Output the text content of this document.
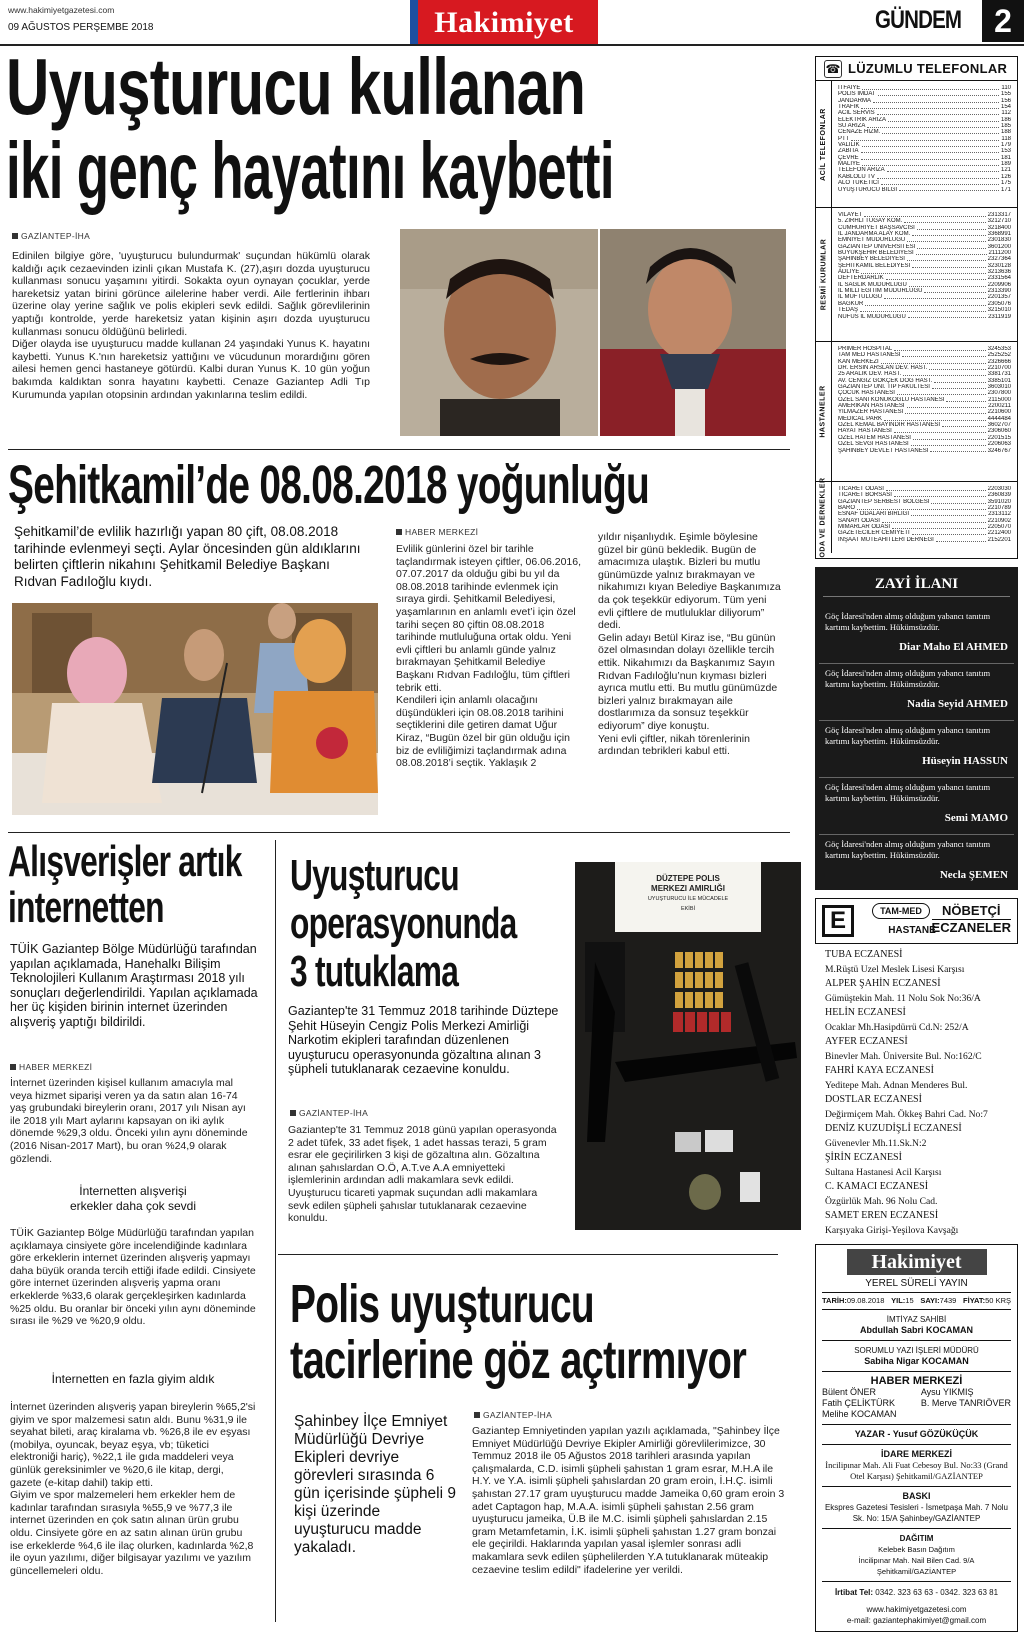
www.hakimiyetgazetesi.com
09 AĞUSTOS PERŞEMBE 2018	Hakimiyet	GÜNDEM 2
Uyuşturucu kullanan
iki genç hayatını kaybetti
GAZİANTEP-İHA
Edinilen bilgiye göre, 'uyuşturucu bulundurmak' suçundan hükümlü olarak kaldığı açık cezaevinden izinli çıkan Mustafa K. (27),aşırı dozda uyuşturucu kullanması sonucu yaşamını yitirdi. Sokakta oyun oynayan çocuklar, yerde hareketsiz yatan birini görünce ailelerine haber verdi. Aile fertlerinin ihbarı üzerine olay yerine sağlık ve polis ekipleri sevk edildi. Sağlık görevlilerinin yaptığı kontrolde, yerde hareketsiz yatan kişinin aşırı dozda uyuşturucu kullanması sonucu öldüğünü belirledi.
Diğer olayda ise uyuşturucu madde kullanan 24 yaşındaki Yunus K. hayatını kaybetti. Yunus K.'nın hareketsiz yattığını ve vücudunun morardığını gören ailesi hemen genci hastaneye götürdü. Kalbi duran Yunus K. 10 gün yoğun bakımda kaldıktan sonra hayatını kaybetti. Cenaze Gaziantep Adli Tıp Kurumunda yapılan otopsinin ardından yakınlarına teslim edildi.
Şehitkamil’de 08.08.2018 yoğunluğu
Şehitkamil’de evlilik hazırlığı yapan 80 çift, 08.08.2018 tarihinde evlenmeyi seçti. Aylar öncesinden gün aldıklarını belirten çiftlerin nikahını Şehitkamil Belediye Başkanı Rıdvan Fadıloğlu kıydı.
HABER MERKEZİ
Evlilik günlerini özel bir tarihle taçlandırmak isteyen çiftler, 06.06.2016, 07.07.2017 da olduğu gibi bu yıl da 08.08.2018 tarihinde evlenmek için sıraya girdi. Şehitkamil Belediyesi, yaşamlarının en anlamlı evet’i için özel tarihi seçen 80 çiftin 08.08.2018 tarihinde mutluluğuna ortak oldu. Yeni evli çiftleri bu anlamlı günde yalnız bırakmayan Şehitkamil Belediye Başkanı Rıdvan Fadıloğlu, tüm çiftleri tebrik etti.
Kendileri için anlamlı olacağını düşündükleri için 08.08.2018 tarihini seçtiklerini dile getiren damat Uğur Kiraz, “Bugün özel bir gün olduğu için biz de evliliğimizi taçlandırmak adına 08.08.2018’i seçtik. Yaklaşık 2
yıldır nişanlıydık. Eşimle böylesine güzel bir günü bekledik. Bugün de amacımıza ulaştık. Bizleri bu mutlu günümüzde yalnız bırakmayan ve nikahımızı kıyan Belediye Başkanımıza da çok teşekkür ediyorum. Tüm yeni evli çiftlere de mutluluklar diliyorum” dedi.
Gelin adayı Betül Kiraz ise, “Bu günün özel olmasından dolayı özellikle tercih ettik. Nikahımızı da Başkanımız Sayın Rıdvan Fadıloğlu’nun kıyması bizleri ayrıca mutlu etti. Bu mutlu günümüzde bizleri yalnız bırakmayan aile dostlarımıza da sonsuz teşekkür ediyorum” diye konuştu.
Yeni evli çiftler, nikah törenlerinin ardından tebrikleri kabul etti.
Alışverişler artık
internetten
TÜİK Gaziantep Bölge Müdürlüğü tarafından yapılan açıklamada, Hanehalkı Bilişim Teknolojileri Kullanım Araştırması 2018 yılı sonuçları değerlendirildi. Yapılan açıklamada her üç kişiden birinin internet üzerinden alışveriş yaptığı bildirildi.
HABER MERKEZİ
İnternet üzerinden kişisel kullanım amacıyla mal veya hizmet siparişi veren ya da satın alan 16-74 yaş grubundaki bireylerin oranı, 2017 yılı Nisan ayı ile 2018 yılı Mart aylarını kapsayan on iki aylık dönemde %29,3 oldu. Önceki yılın aynı döneminde (2016 Nisan-2017 Mart), bu oran %24,9 olarak gözlendi.
İnternetten alışverişi
erkekler daha çok sevdi
TÜİK Gaziantep Bölge Müdürlüğü tarafından yapılan açıklamaya cinsiyete göre incelendiğinde kadınlara göre erkeklerin internet üzerinden alışveriş yapmayı daha büyük oranda tercih ettiği ifade edildi. Cinsiyete göre internet üzerinden alışveriş yapma oranı erkeklerde %33,6 olarak gerçekleşirken kadınlarda %25 oldu. Bu oranlar bir önceki yılın aynı döneminde sırası ile %29 ve %20,9 oldu.
İnternetten en fazla giyim aldık
İnternet üzerinden alışveriş yapan bireylerin %65,2'si giyim ve spor malzemesi satın aldı. Bunu %31,9 ile seyahat bileti, araç kiralama vb. %26,8 ile ev eşyası (mobilya, oyuncak, beyaz eşya, vb; tüketici elektroniği hariç), %22,1 ile gıda maddeleri veya günlük gereksinimler ve %20,6 ile kitap, dergi, gazete (e-kitap dahil) takip etti.
Giyim ve spor malzemeleri hem erkekler hem de kadınlar tarafından sırasıyla %55,9 ve %77,3 ile internet üzerinden en çok satın alınan ürün grubu oldu. Cinsiyete göre en az satın alınan ürün grubu ise erkeklerde %4,6 ile ilaç olurken, kadınlarda %2,8 ile oyun yazılımı, diğer bilgisayar yazılımı ve yazılım güncellemeleri oldu.
Uyuşturucu
operasyonunda
3 tutuklama
Gaziantep'te 31 Temmuz 2018 tarihinde Düztepe Şehit Hüseyin Cengiz Polis Merkezi Amirliği Narkotim ekipleri tarafından düzenlenen uyuşturucu operasyonunda gözaltına alınan 3 şüpheli tutuklanarak cezaevine konuldu.
GAZİANTEP-İHA
Gaziantep'te 31 Temmuz 2018 günü yapılan operasyonda 2 adet tüfek, 33 adet fişek, 1 adet hassas terazi, 5 gram esrar ele geçirilirken 3 kişi de gözaltına alın. Gözaltına alınan şahıslardan O.Ö, A.T.ve A.A emniyetteki işlemlerinin ardından adli makamlara sevk edildi. Uyuşturucu ticareti yapmak suçundan adli makamlara sevk edilen şüpheli şahıslar tutuklanarak cezaevine konuldu.
DÜZTEPE POLIS
MERKEZI AMIRLIĞI
UYUŞTURUCU İLE MÜCADELE
EKİBİ
Polis uyuşturucu
tacirlerine göz açtırmıyor
Şahinbey İlçe Emniyet Müdürlüğü Devriye Ekipleri devriye görevleri sırasında 6 gün içerisinde şüpheli 9 kişi üzerinde uyuşturucu madde yakaladı.
GAZİANTEP-İHA
Gaziantep Emniyetinden yapılan yazılı açıklamada, "Şahinbey İlçe Emniyet Müdürlüğü Devriye Ekipler Amirliği görevlilerimizce, 30 Temmuz 2018 ile 05 Ağustos 2018 tarihleri arasında yapılan çalışmalarda, C.D. isimli şüpheli şahıstan 1 gram esrar, M.H.A ile H.Y. ve Y.A. isimli şüpheli şahıslardan 20 gram eroin, İ.H.Ç. isimli şahıstan 27.17 gram uyuşturucu madde Jameika 0,60 gram eroin 3 adet Captagon hap, M.A.A. isimli şüpheli şahıstan 2.56 gram uyuşturucu jameika, Ü.B ile M.C. isimli şüpheli şahıslardan 2.15 gram Metamfetamin, İ.K. isimli şüpheli şahıstan 1.27 gram bonzai ele geçirildi. Haklarında yapılan yasal işlemler sonrası adli makamlara sevk edilen şüphelilerden Y.A tutuklanarak müteakip cezaevine teslim edildi" ifadelerine yer verildi.
☎ LÜZUMLU TELEFONLAR
ACİL TELEFONLAR
İTFAİYE	110
POLİS İMDAT	155
JANDARMA	156
TRAFİK	154
ACİL SERVİS	112
ELEKTRİK ARIZA	186
SU ARIZA	185
CENAZE HİZM.	188
PTT	118
VALİLİK	179
ZABITA	153
ÇEVRE	181
MALİYE	189
TELEFON ARIZA	121
KABLOLU TV	126
ALO TÜKETİCİ	175
UYUŞTURUCU BİLGİ	171
RESMİ KURUMLAR
VİLAYET	2313317
5. ZIRHLI TUGAY KOM.	3212710
CUMHURİYET BAŞSAVCISI	3218400
İL JANDARMA ALAY KOM.	3368991
EMNİYET MÜDÜRLÜĞÜ	2301830
GAZİANTEP ÜNİVERSİTESİ	3601200
BÜYÜKŞEHİR BELEDİYESİ	2111200
ŞAHİNBEY BELEDİYESİ	2327364
ŞEHİTKAMİL BELEDİYESİ	3230128
ADLİYE	3213636
DEFTERDARLIK	2331564
İL SAĞLIK MÜDÜRLÜĞÜ	2209906
İL MİLLİ EĞİTİM MÜDÜRLÜĞÜ	2313390
İL MÜFTÜLÜĞÜ	2201357
BAĞKUR	2305076
TEDAŞ	3215010
NÜFUS İL MÜDÜRLÜĞÜ	2311919
HASTANELER
PRİMER HOSPITAL	3245353
TAM MED HASTANESİ	2525252
KAN MERKEZİ	2326666
DR. ERSİN ARSLAN DEV. HAST.	2210700
25 ARALIK DEV. HAST.	3381731
AV. CENGİZ GÖKÇEK DOĞ HAST.	3385101
GAZİANTEP ÜNİ. TIP FAKÜLTESİ	3603010
ÇOCUK HASTANESİ	2307800
ÖZEL SANİ KONUKOĞLU HASTANESİ	2115000
AMERİKAN HASTANESİ	2200211
YILMAZER HASTANESİ	2210600
MEDİCAL PARK	4444484
ÖZEL KEMAL BAYINDIR HASTANESİ	3602707
HAYAT HASTANESİ	2306060
ÖZEL HATEM HASTANESİ	2201515
ÖZEL SEVGİ HASTANESİ	2206063
ŞAHİNBEY DEVLET HASTANESİ	3246767
ODA VE DERNEKLER TİCARET ODASI	2203030
TİCARET BORSASI	2360839
GAZİANTEP SERBEST BÖLGESİ	3591020
BARO	2210789
ESNAF ODALARI BİRLİĞİ	2313112
SANAYİ ODASI	2210902
MİMARLAR ODASI	2205070
GAZETECİLER CEMİYETİ	2212400
İNŞAAT MÜTEAHİTLERİ DERNEĞİ	2152201
ZAYİ İLANI
Göç İdaresi'nden almış olduğum yabancı tanıtım kartımı kaybettim. Hükümsüzdür.
Diar Maho El AHMED
Göç İdaresi'nden almış olduğum yabancı tanıtım kartımı kaybettim. Hükümsüzdür.
Nadia Seyid AHMED
Göç İdaresi'nden almış olduğum yabancı tanıtım kartımı kaybettim. Hükümsüzdür.
Hüseyin HASSUN
Göç İdaresi'nden almış olduğum yabancı tanıtım kartımı kaybettim. Hükümsüzdür.
Semi MAMO
Göç İdaresi'nden almış olduğum yabancı tanıtım kartımı kaybettim. Hükümsüzdür.
Necla ŞEMEN
E	TAM-MED
HASTANE
NÖBETÇİ
ECZANELER
TUBA ECZANESİ
M.Rüştü Uzel Meslek Lisesi Karşısı
ALPER ŞAHİN ECZANESİ
Gümüştekin Mah. 11 Nolu Sok No:36/A
HELİN ECZANESİ
Ocaklar Mh.Hasipdürrü Cd.N: 252/A
AYFER ECZANESİ
Binevler Mah. Üniversite Bul. No:162/C
FAHRİ KAYA ECZANESİ
Yeditepe Mah. Adnan Menderes Bul.
DOSTLAR ECZANESİ
Değirmiçem Mah. Ökkeş Bahri Cad. No:7
DENİZ KUZUDİŞLİ ECZANESİ
Güvenevler Mh.11.Sk.N:2
ŞİRİN ECZANESİ
Sultana Hastanesi Acil Karşısı
C. KAMACI ECZANESİ
Özgürlük Mah. 96 Nolu Cad.
SAMET EREN ECZANESİ
Karşıyaka Girişi-Yeşilova Kavşağı
Hakimiyet
YEREL SÜRELİ YAYIN
TARİH:09.08.2018 YIL:15 SAYI:7439 FİYAT:50 KRŞ
İMTİYAZ SAHİBİ
Abdullah Sabri KOCAMAN
SORUMLU YAZI İŞLERİ MÜDÜRÜ
Sabiha Nigar KOCAMAN
HABER MERKEZİ
Bülent ÖNER
Fatih ÇELİKTÜRK
Melihe KOCAMAN
Aysu YIKMIŞ
B. Merve TANRIÖVER
YAZAR - Yusuf GÖZÜKÜÇÜK
İDARE MERKEZİ
İncilipınar Mah. Ali Fuat Cebesoy Bul. No:33 (Grand Otel Karşısı) Şehitkamil/GAZİANTEP
BASKI
Ekspres Gazetesi Tesisleri - İsmetpaşa Mah. 7 Nolu Sk. No: 15/A Şahinbey/GAZİANTEP
DAĞITIM
Kelebek Basın Dağıtım
İncilipınar Mah. Nail Bilen Cad. 9/A Şehitkamil/GAZİANTEP
İrtibat Tel: 0342. 323 63 63 - 0342. 323 63 81
www.hakimiyetgazetesi.com
e-mail: gaziantephakimiyet@gmail.com
